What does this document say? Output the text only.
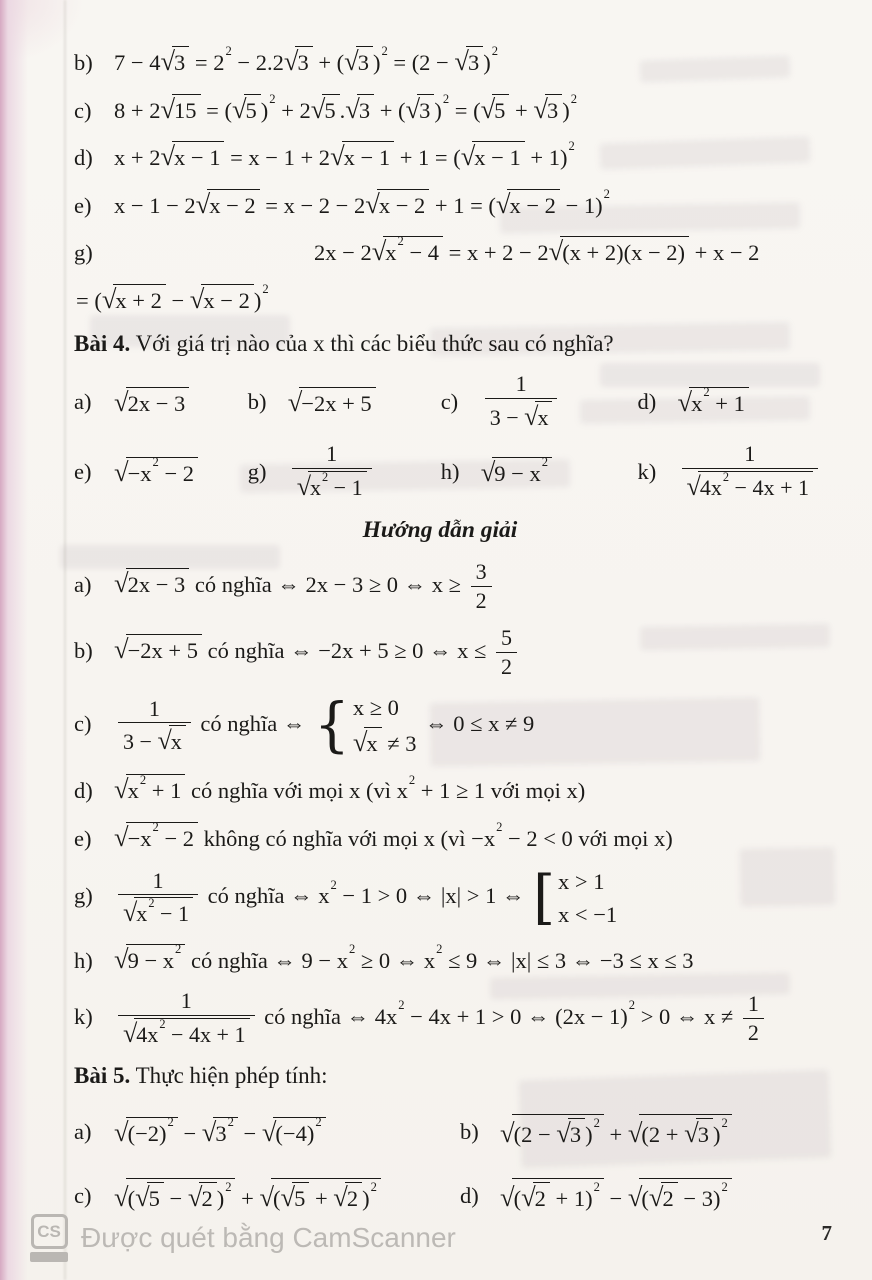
b) $7 - 4√3 = 2^2 - 2.2√3 + (√3$ )$^2$ = (2 − √3 )$^2$
c) 8 + 2√15 = (√5 )$^2$ + 2√5 .√3 + (√3 )$^2$ = (√5 + √3 )$^2$
d) $x + 2√x - 1 = x - 1 + 2√x - 1 + 1 = (√x - 1 + 1)^2$
e) $x - 1 - 2√x - 2 = x - 2 - 2√x - 2 + 1 = (√x - 2 - 1)^2$
g)	$2x - 2√x^2 - 4 = x + 2 - 2√(x + 2)(x - 2) + x - 2$
= (√x + 2 − √x − 2 )$^2$
Bài 4. Với giá trị nào của x thì các biểu thức sau có nghĩa?
a) √2x − 3	b) √−2x + 5	c)	$\frac{1}{3 - √x}$	d) $√x^2 + 1$
e) $√-x^2 - 2$ g)	$\frac{1}{√x^2 - 1}$	h) $√9 - x^2$	k)	$\frac{1}{√4x^2 - 4x + 1}$
Hướng dẫn giải
a) √2x − 3 có nghĩa ⇔ 2x − 3 ≥ 0 ⇔ $x \ge \frac{3}{2}$
b) √−2x + 5 có nghĩa ⇔ −2x + 5 ≥ 0 ⇔ $x \le \frac{5}{2}$
$c) \frac{1}{3 - √x}$ có nghĩa ⇔ { x ≥ 0
√x ≠ 3
⇔ 0 ≤ x ≠ 9
d) $√x^2 + 1$ có nghĩa với mọi x (vì $x^2 + 1 \ge 1$ với mọi x)
e) $√-x^2 - 2$ không có nghĩa với mọi x (vì $-x^2 - 2 < 0$ với mọi x)
$g) \frac{1}{√x^2 - 1}$ có nghĩa ⇔ $x^2 - 1 > 0$ ⇔ |x| > 1 ⇔ [ x > 1
x < −1
h) $√9 - x^2$ có nghĩa ⇔ $9 - x^2 \ge 0$ ⇔ $x^2 \le 9$ ⇔ |x| ≤ 3 ⇔ −3 ≤ x ≤ 3
$k) \frac{1}{√4x^2 - 4x + 1}$ có nghĩa ⇔ $4x^2 - 4x + 1 > 0$ ⇔ $(2x - 1)^2 > 0$ ⇔ $x \ne \frac{1}{2}$
Bài 5. Thực hiện phép tính:
a) $√(-2)^2 - √3^2 - √(-4)^2$	b) √(2 − √3 )$^2$ + √(2 + √3 )$^2$
c) √(√5 − √2 )$^2$ + √(√5 + √2 )$^2$	d) $√(√2 + 1)^2 - √(√2 - 3)^2$
CS Được quét bằng CamScanner	7
